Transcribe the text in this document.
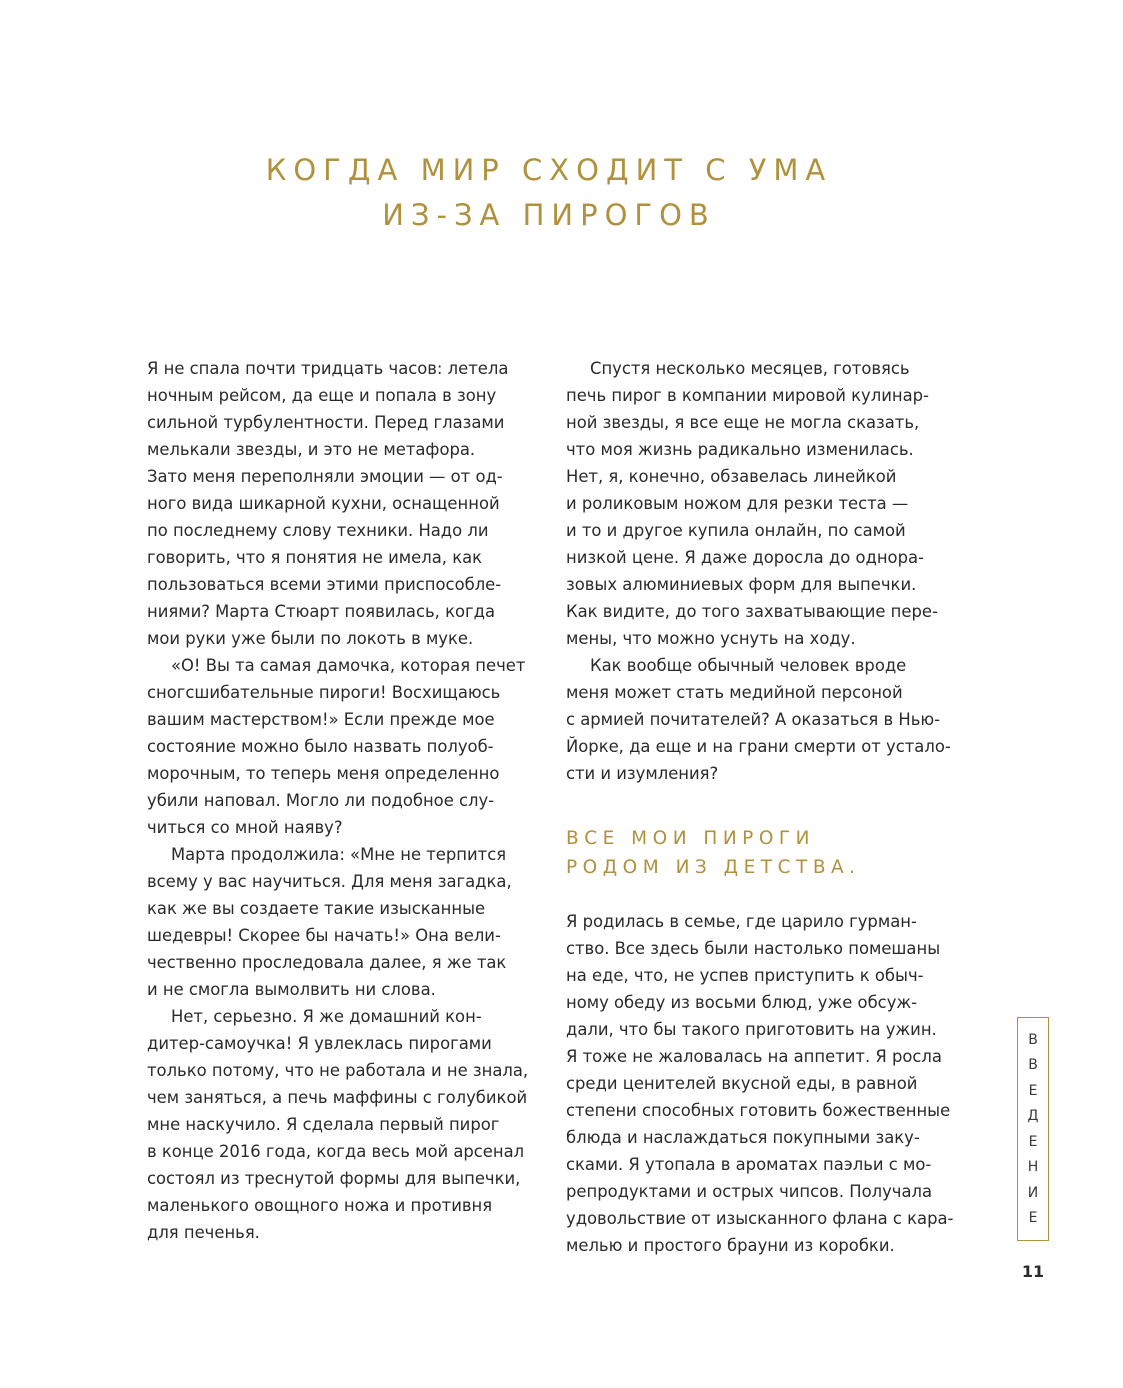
КОГДА МИР СХОДИТ С УМА
ИЗ-ЗА ПИРОГОВ
Я не спала почти тридцать часов: летела
ночным рейсом, да еще и попала в зону
сильной турбулентности. Перед глазами
мелькали звезды, и это не метафора.
Зато меня переполняли эмоции — от од-
ного вида шикарной кухни, оснащенной
по последнему слову техники. Надо ли
говорить, что я понятия не имела, как
пользоваться всеми этими приспособле-
ниями? Марта Стюарт появилась, когда
мои руки уже были по локоть в муке.
«О! Вы та самая дамочка, которая печет
сногсшибательные пироги! Восхищаюсь
вашим мастерством!» Если прежде мое
состояние можно было назвать полуоб-
морочным, то теперь меня определенно
убили наповал. Могло ли подобное слу-
читься со мной наяву?
Марта продолжила: «Мне не терпится
всему у вас научиться. Для меня загадка,
как же вы создаете такие изысканные
шедевры! Скорее бы начать!» Она вели-
чественно проследовала далее, я же так
и не смогла вымолвить ни слова.
Нет, серьезно. Я же домашний кон-
дитер-самоучка! Я увлеклась пирогами
только потому, что не работала и не знала,
чем заняться, а печь маффины с голубикой
мне наскучило. Я сделала первый пирог
в конце 2016 года, когда весь мой арсенал
состоял из треснутой формы для выпечки,
маленького овощного ножа и противня
для печенья.
Спустя несколько месяцев, готовясь
печь пирог в компании мировой кулинар-
ной звезды, я все еще не могла сказать,
что моя жизнь радикально изменилась.
Нет, я, конечно, обзавелась линейкой
и роликовым ножом для резки теста —
и то и другое купила онлайн, по самой
низкой цене. Я даже доросла до однора-
зовых алюминиевых форм для выпечки.
Как видите, до того захватывающие пере-
мены, что можно уснуть на ходу.
Как вообще обычный человек вроде
меня может стать медийной персоной
с армией почитателей? А оказаться в Нью-
Йорке, да еще и на грани смерти от устало-
сти и изумления?
ВСЕ МОИ ПИРОГИ
РОДОМ ИЗ ДЕТСТВА.
Я родилась в семье, где царило гурман-
ство. Все здесь были настолько помешаны
на еде, что, не успев приступить к обыч-
ному обеду из восьми блюд, уже обсуж-
дали, что бы такого приготовить на ужин.
Я тоже не жаловалась на аппетит. Я росла
среди ценителей вкусной еды, в равной
степени способных готовить божественные
блюда и наслаждаться покупными заку-
сками. Я утопала в ароматах паэльи с мо-
репродуктами и острых чипсов. Получала
удовольствие от изысканного флана с кара-
мелью и простого брауни из коробки.
В
В
Е
Д
Е
Н
И
Е
11
